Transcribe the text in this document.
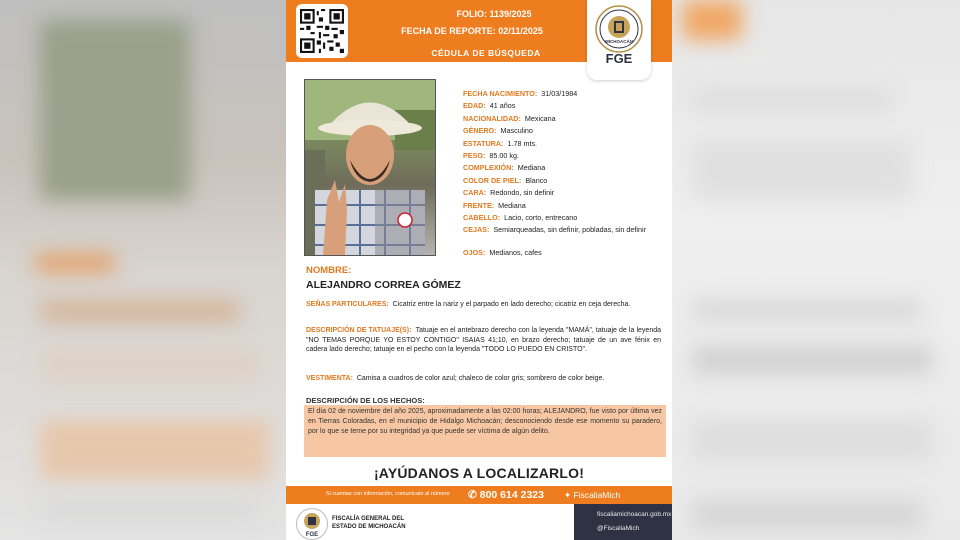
FOLIO: 1139/2025
FECHA DE REPORTE: 02/11/2025
CÉDULA DE BÚSQUEDA
MICHOACÁN
FGE
FECHA NACIMIENTO: 31/03/1984
EDAD: 41 años
NACIONALIDAD: Mexicana
GÉNERO: Masculino
ESTATURA: 1.78 mts.
PESO: 85.00 kg.
COMPLEXIÓN: Mediana
COLOR DE PIEL: Blanco
CARA: Redondo, sin definir
FRENTE: Mediana
CABELLO: Lacio, corto, entrecano
CEJAS: Semiarqueadas, sin definir, pobladas, sin definir
OJOS: Medianos, cafes
NOMBRE:
ALEJANDRO CORREA GÓMEZ
SEÑAS PARTICULARES: Cicatriz entre la nariz y el parpado en lado derecho; cicatriz en ceja derecha.
DESCRIPCIÓN DE TATUAJE(S): Tatuaje en el antebrazo derecho con la leyenda "MAMÁ", tatuaje de la leyenda "NO TEMAS PORQUE YO ESTOY CONTIGO" ISAIAS 41;10, en brazo derecho; tatuaje de un ave fénix en cadera lado derecho; tatuaje en el pecho con la leyenda "TODO LO PUEDO EN CRISTO".
VESTIMENTA: Camisa a cuadros de color azul; chaleco de color gris; sombrero de color beige.
DESCRIPCIÓN DE LOS HECHOS:
El día 02 de noviembre del año 2025, aproximadamente a las 02:00 horas; ALEJANDRO, fue visto por última vez en Tierras Coloradas, en el municipio de Hidalgo Michoacán; desconociendo desde ese momento su paradero, por lo que se teme por su integridad ya que puede ser víctima de algún delito.
¡AYÚDANOS A LOCALIZARLO!
Si cuentas con información, comunícate al número ✆ 800 614 2323 ✦ FiscaliaMich
FGE
FISCALÍA GENERAL DEL
ESTADO DE MICHOACÁN
fiscaliamichoacan.gob.mx
@FiscaliaMich
